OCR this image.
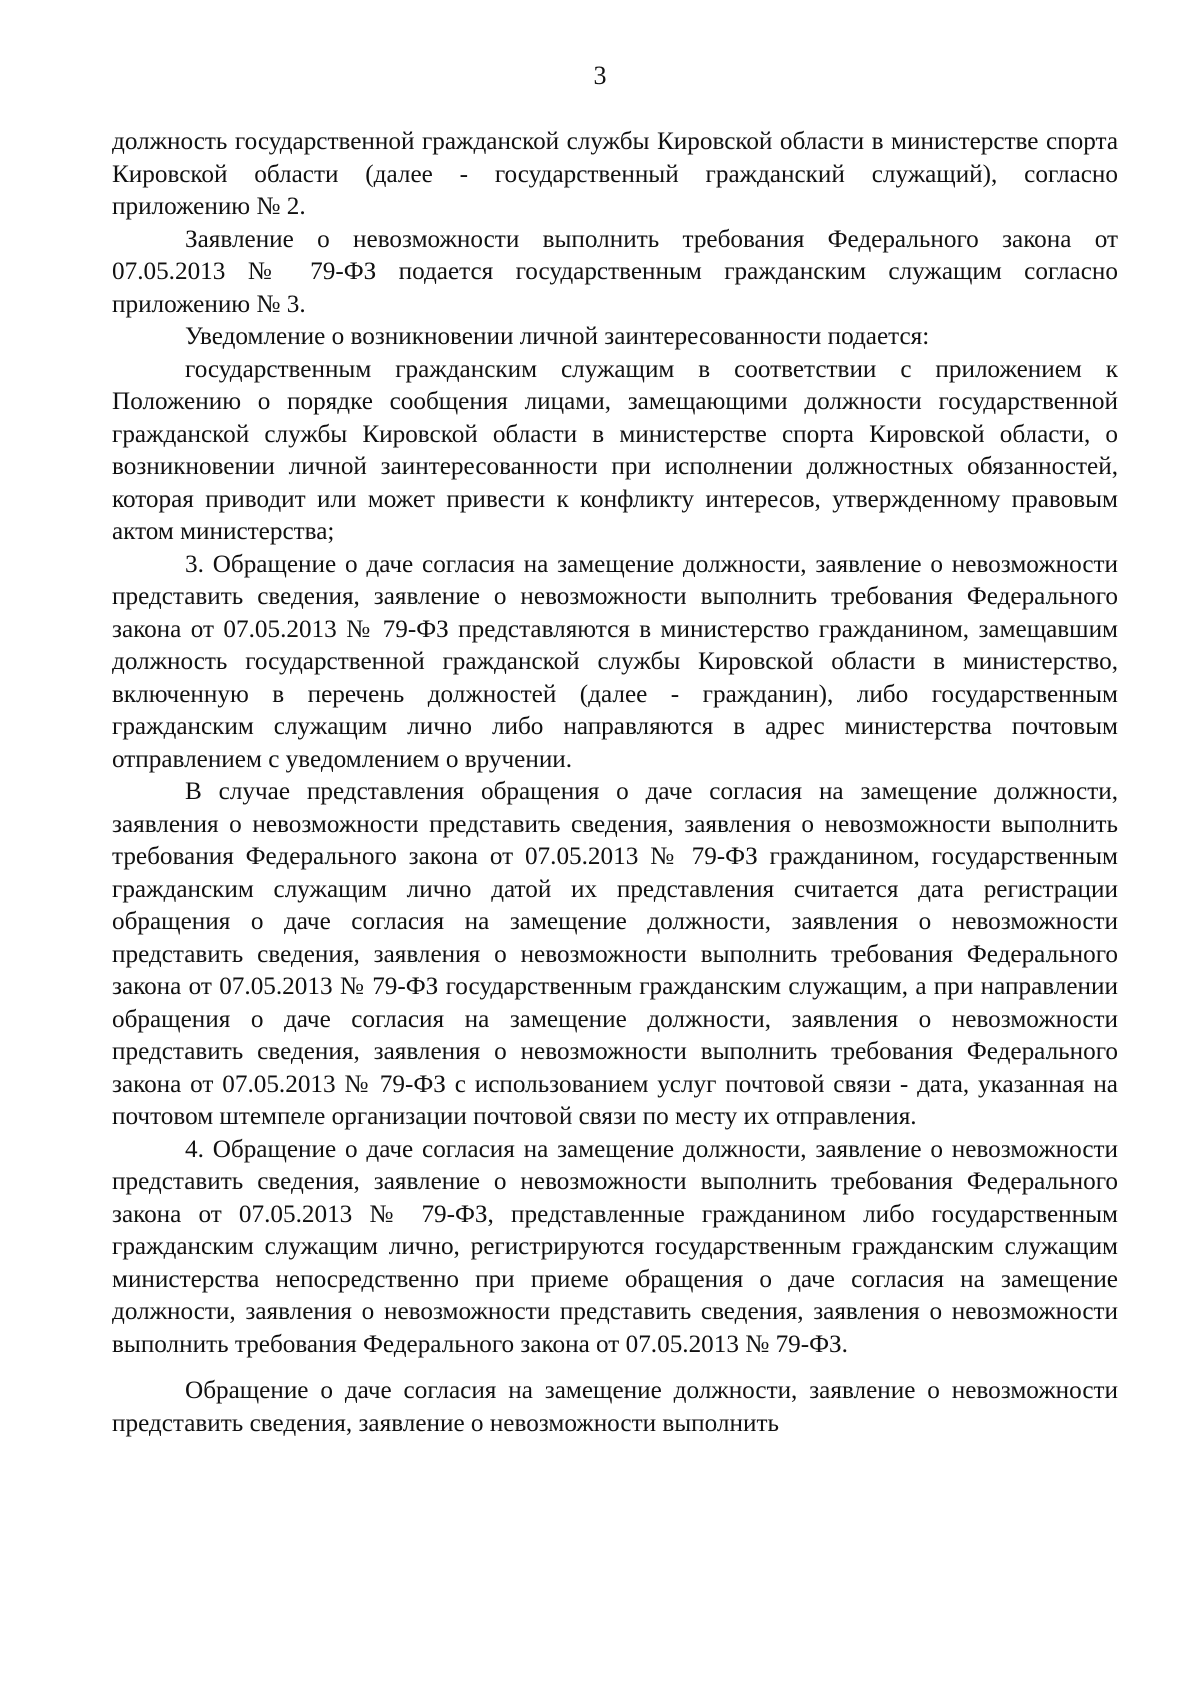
3

должность государственной гражданской службы Кировской области в министерстве спорта Кировской области (далее - государственный гражданский служащий), согласно приложению № 2.

Заявление о невозможности выполнить требования Федерального закона от 07.05.2013 № 79-ФЗ подается государственным гражданским служащим согласно приложению № 3.

Уведомление о возникновении личной заинтересованности подается:

государственным гражданским служащим в соответствии с приложением к Положению о порядке сообщения лицами, замещающими должности государственной гражданской службы Кировской области в министерстве спорта Кировской области, о возникновении личной заинтересованности при исполнении должностных обязанностей, которая приводит или может привести к конфликту интересов, утвержденному правовым актом министерства;

3. Обращение о даче согласия на замещение должности, заявление о невозможности представить сведения, заявление о невозможности выполнить требования Федерального закона от 07.05.2013 № 79-ФЗ представляются в министерство гражданином, замещавшим должность государственной гражданской службы Кировской области в министерство, включенную в перечень должностей (далее - гражданин), либо государственным гражданским служащим лично либо направляются в адрес министерства почтовым отправлением с уведомлением о вручении.

В случае представления обращения о даче согласия на замещение должности, заявления о невозможности представить сведения, заявления о невозможности выполнить требования Федерального закона от 07.05.2013 № 79-ФЗ гражданином, государственным гражданским служащим лично датой их представления считается дата регистрации обращения о даче согласия на замещение должности, заявления о невозможности представить сведения, заявления о невозможности выполнить требования Федерального закона от 07.05.2013 № 79-ФЗ государственным гражданским служащим, а при направлении обращения о даче согласия на замещение должности, заявления о невозможности представить сведения, заявления о невозможности выполнить требования Федерального закона от 07.05.2013 № 79-ФЗ с использованием услуг почтовой связи - дата, указанная на почтовом штемпеле организации почтовой связи по месту их отправления.

4. Обращение о даче согласия на замещение должности, заявление о невозможности представить сведения, заявление о невозможности выполнить требования Федерального закона от 07.05.2013 № 79-ФЗ, представленные гражданином либо государственным гражданским служащим лично, регистрируются государственным гражданским служащим министерства непосредственно при приеме обращения о даче согласия на замещение должности, заявления о невозможности представить сведения, заявления о невозможности выполнить требования Федерального закона от 07.05.2013 № 79-ФЗ.

Обращение о даче согласия на замещение должности, заявление о невозможности представить сведения, заявление о невозможности выполнить
